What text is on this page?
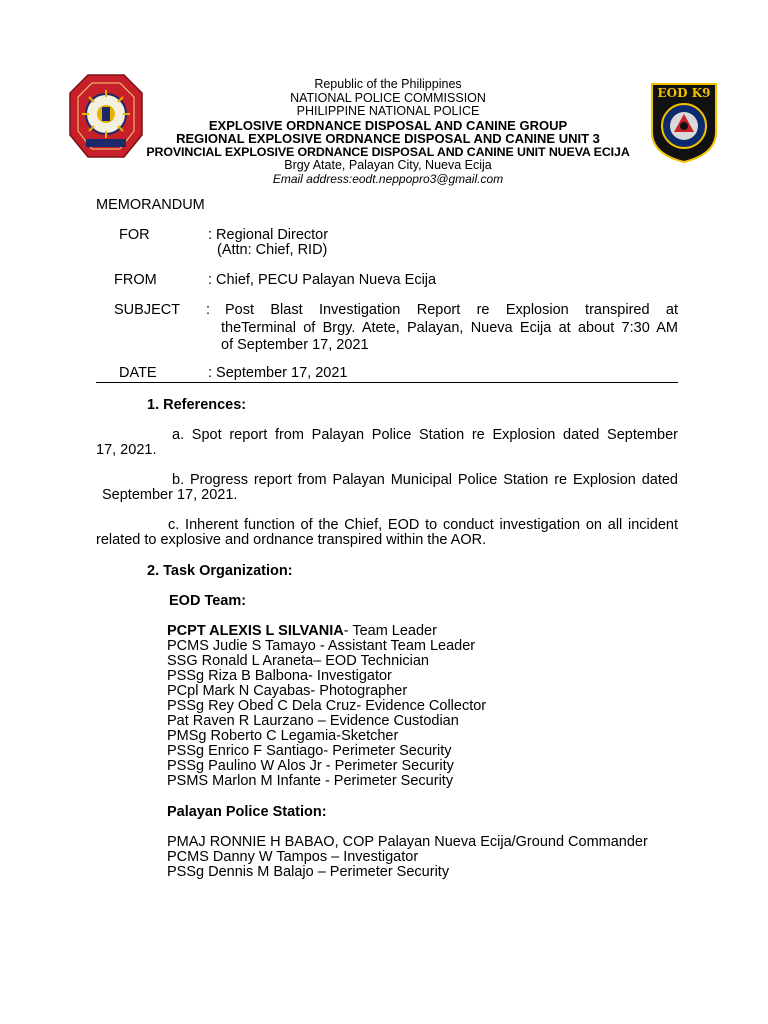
EOD K9
Republic of the Philippines
NATIONAL POLICE COMMISSION
PHILIPPINE NATIONAL POLICE
EXPLOSIVE ORDNANCE DISPOSAL AND CANINE GROUP
REGIONAL EXPLOSIVE ORDNANCE DISPOSAL AND CANINE UNIT 3
PROVINCIAL EXPLOSIVE ORDNANCE DISPOSAL AND CANINE UNIT NUEVA ECIJA
Brgy Atate, Palayan City, Nueva Ecija
Email address:eodt.neppopro3@gmail.com
MEMORANDUM
FOR	: Regional Director
(Attn: Chief, RID)
FROM	: Chief, PECU Palayan Nueva Ecija
SUBJECT : Post Blast Investigation Report re Explosion transpired at
theTerminal of Brgy. Atete, Palayan, Nueva Ecija at about 7:30 AM
of September 17, 2021
DATE	: September 17, 2021
1. References:
a. Spot report from Palayan Police Station re Explosion dated September
17, 2021.
b. Progress report from Palayan Municipal Police Station re Explosion dated
September 17, 2021.
c. Inherent function of the Chief, EOD to conduct investigation on all incident
related to explosive and ordnance transpired within the AOR.
2. Task Organization:
EOD Team:
PCPT ALEXIS L SILVANIA- Team Leader
PCMS Judie S Tamayo - Assistant Team Leader
SSG Ronald L Araneta– EOD Technician
PSSg Riza B Balbona- Investigator
PCpl Mark N Cayabas- Photographer
PSSg Rey Obed C Dela Cruz- Evidence Collector
Pat Raven R Laurzano – Evidence Custodian
PMSg Roberto C Legamia-Sketcher
PSSg Enrico F Santiago- Perimeter Security
PSSg Paulino W Alos Jr - Perimeter Security
PSMS Marlon M Infante - Perimeter Security
Palayan Police Station:
PMAJ RONNIE H BABAO, COP Palayan Nueva Ecija/Ground Commander
PCMS Danny W Tampos – Investigator
PSSg Dennis M Balajo – Perimeter Security
